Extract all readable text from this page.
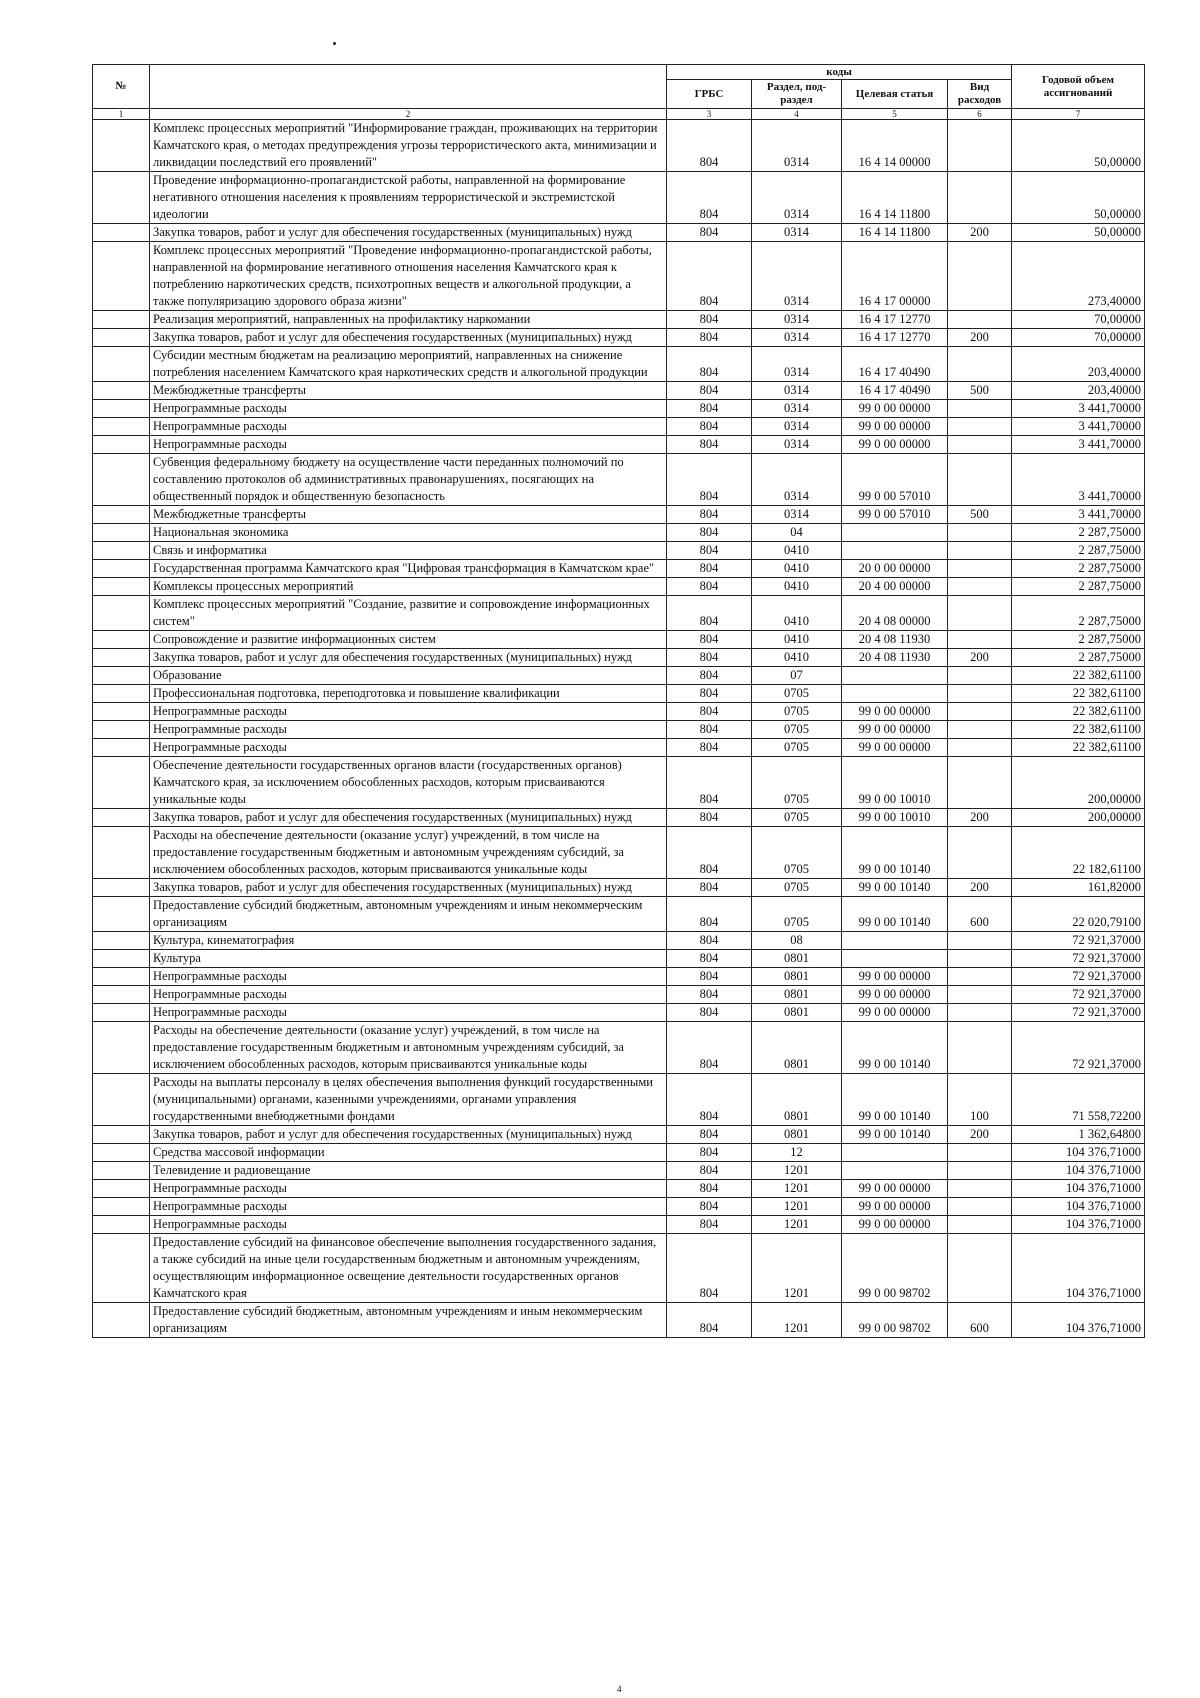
№		коды				Годовой объем ассигнований
		ГРБС	Раздел, под-раздел	Целевая статья	Вид расходов	
1	2	3	4	5	6	7
	Комплекс процессных мероприятий "Информирование граждан, проживающих на территории Камчатского края, о методах предупреждения угрозы террористического акта, минимизации и ликвидации последствий его проявлений"	804	0314	16 4 14 00000		50,00000
	Проведение информационно-пропагандистской работы, направленной на формирование негативного отношения населения к проявлениям террористической и экстремистской идеологии	804	0314	16 4 14 11800		50,00000
	Закупка товаров, работ и услуг для обеспечения государственных (муниципальных) нужд	804	0314	16 4 14 11800	200	50,00000
	Комплекс процессных мероприятий "Проведение информационно-пропагандистской работы, направленной на формирование негативного отношения населения Камчатского края к потреблению наркотических средств, психотропных веществ и алкогольной продукции, а также популяризацию здорового образа жизни"	804	0314	16 4 17 00000		273,40000
	Реализация мероприятий, направленных на профилактику наркомании	804	0314	16 4 17 12770		70,00000
	Закупка товаров, работ и услуг для обеспечения государственных (муниципальных) нужд	804	0314	16 4 17 12770	200	70,00000
	Субсидии местным бюджетам на реализацию мероприятий, направленных на снижение потребления населением Камчатского края наркотических средств и алкогольной продукции	804	0314	16 4 17 40490		203,40000
	Межбюджетные трансферты	804	0314	16 4 17 40490	500	203,40000
	Непрограммные расходы	804	0314	99 0 00 00000		3 441,70000
	Непрограммные расходы	804	0314	99 0 00 00000		3 441,70000
	Непрограммные расходы	804	0314	99 0 00 00000		3 441,70000
	Субвенция федеральному бюджету на осуществление части переданных полномочий по составлению протоколов об административных правонарушениях, посягающих на общественный порядок и общественную безопасность	804	0314	99 0 00 57010		3 441,70000
	Межбюджетные трансферты	804	0314	99 0 00 57010	500	3 441,70000
	Национальная экономика	804	04			2 287,75000
	Связь и информатика	804	0410			2 287,75000
	Государственная программа Камчатского края "Цифровая трансформация в Камчатском крае"	804	0410	20 0 00 00000		2 287,75000
	Комплексы процессных мероприятий	804	0410	20 4 00 00000		2 287,75000
	Комплекс процессных мероприятий "Создание, развитие и сопровождение информационных систем"	804	0410	20 4 08 00000		2 287,75000
	Сопровождение и развитие информационных систем	804	0410	20 4 08 11930		2 287,75000
	Закупка товаров, работ и услуг для обеспечения государственных (муниципальных) нужд	804	0410	20 4 08 11930	200	2 287,75000
	Образование	804	07			22 382,61100
	Профессиональная подготовка, переподготовка и повышение квалификации	804	0705			22 382,61100
	Непрограммные расходы	804	0705	99 0 00 00000		22 382,61100
	Непрограммные расходы	804	0705	99 0 00 00000		22 382,61100
	Непрограммные расходы	804	0705	99 0 00 00000		22 382,61100
	Обеспечение деятельности государственных органов власти (государственных органов) Камчатского края, за исключением обособленных расходов, которым присваиваются уникальные коды	804	0705	99 0 00 10010		200,00000
	Закупка товаров, работ и услуг для обеспечения государственных (муниципальных) нужд	804	0705	99 0 00 10010	200	200,00000
	Расходы на обеспечение деятельности (оказание услуг) учреждений, в том числе на предоставление государственным бюджетным и автономным учреждениям субсидий, за исключением обособленных расходов, которым присваиваются уникальные коды	804	0705	99 0 00 10140		22 182,61100
	Закупка товаров, работ и услуг для обеспечения государственных (муниципальных) нужд	804	0705	99 0 00 10140	200	161,82000
	Предоставление субсидий бюджетным, автономным учреждениям и иным некоммерческим организациям	804	0705	99 0 00 10140	600	22 020,79100
	Культура, кинематография	804	08			72 921,37000
	Культура	804	0801			72 921,37000
	Непрограммные расходы	804	0801	99 0 00 00000		72 921,37000
	Непрограммные расходы	804	0801	99 0 00 00000		72 921,37000
	Непрограммные расходы	804	0801	99 0 00 00000		72 921,37000
	Расходы на обеспечение деятельности (оказание услуг) учреждений, в том числе на предоставление государственным бюджетным и автономным учреждениям субсидий, за исключением обособленных расходов, которым присваиваются уникальные коды	804	0801	99 0 00 10140		72 921,37000
	Расходы на выплаты персоналу в целях обеспечения выполнения функций государственными (муниципальными) органами, казенными учреждениями, органами управления государственными внебюджетными фондами	804	0801	99 0 00 10140	100	71 558,72200
	Закупка товаров, работ и услуг для обеспечения государственных (муниципальных) нужд	804	0801	99 0 00 10140	200	1 362,64800
	Средства массовой информации	804	12			104 376,71000
	Телевидение и радиовещание	804	1201			104 376,71000
	Непрограммные расходы	804	1201	99 0 00 00000		104 376,71000
	Непрограммные расходы	804	1201	99 0 00 00000		104 376,71000
	Непрограммные расходы	804	1201	99 0 00 00000		104 376,71000
	Предоставление субсидий на финансовое обеспечение выполнения государственного задания, а также субсидий на иные цели государственным бюджетным и автономным учреждениям, осуществляющим информационное освещение деятельности государственных органов Камчатского края	804	1201	99 0 00 98702		104 376,71000
	Предоставление субсидий бюджетным, автономным учреждениям и иным некоммерческим организациям	804	1201	99 0 00 98702	600	104 376,71000
4
